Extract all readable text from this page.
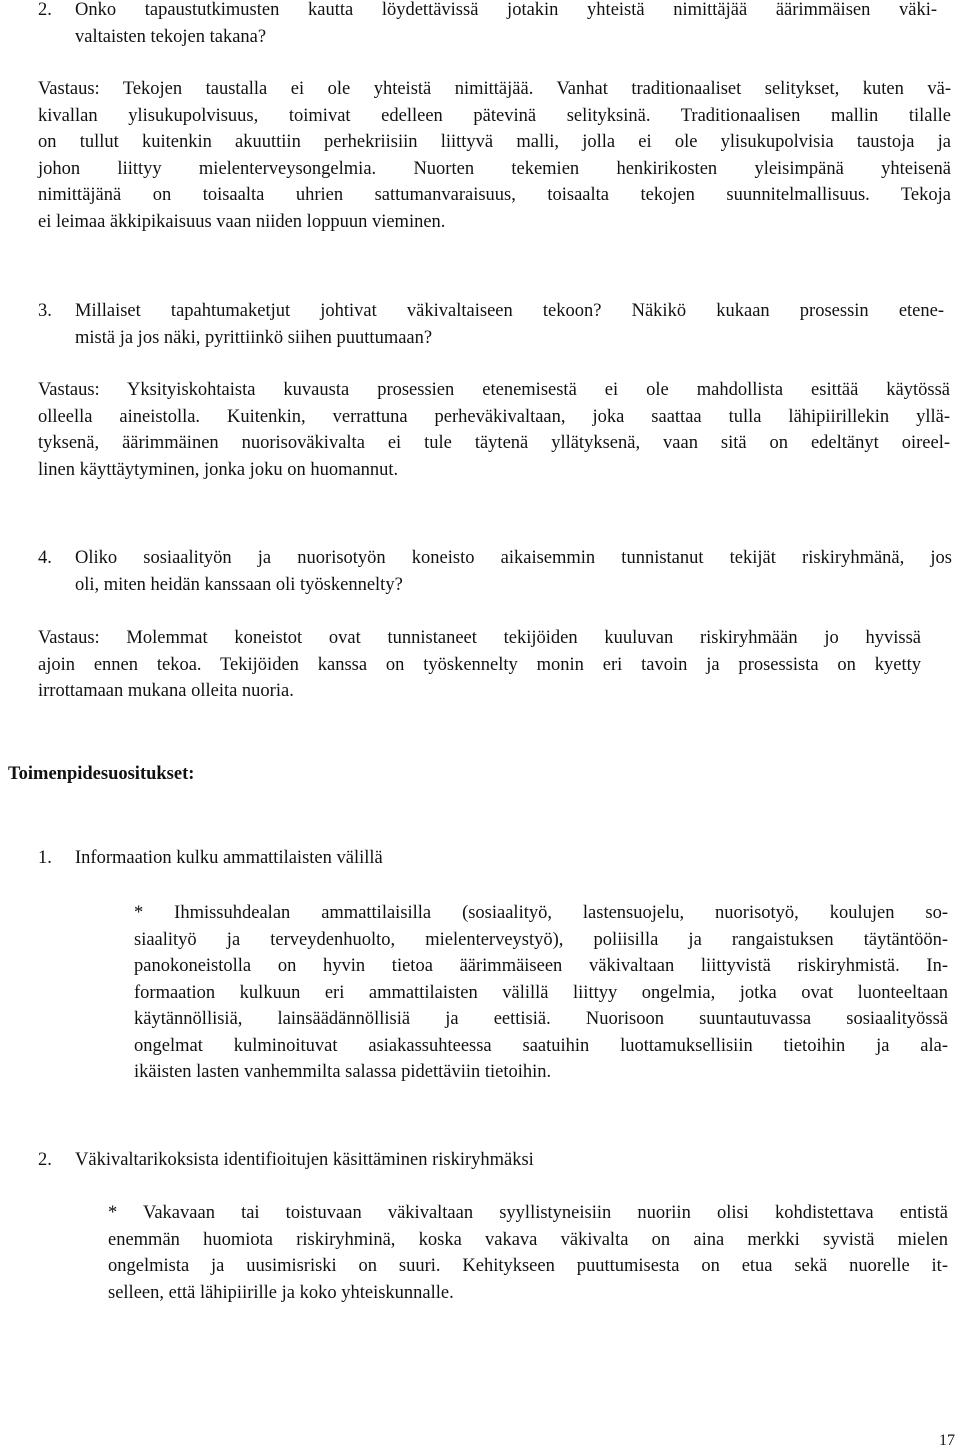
2. Onko tapaustutkimusten kautta löydettävissä jotakin yhteistä nimittäjää äärimmäisen väki-
valtaisten tekojen takana?
Vastaus: Tekojen taustalla ei ole yhteistä nimittäjää. Vanhat traditionaaliset selitykset, kuten vä-
kivallan ylisukupolvisuus, toimivat edelleen pätevinä selityksinä. Traditionaalisen mallin tilalle
on tullut kuitenkin akuuttiin perhekriisiin liittyvä malli, jolla ei ole ylisukupolvisia taustoja ja
johon liittyy mielenterveysongelmia. Nuorten tekemien henkirikosten yleisimpänä yhteisenä
nimittäjänä on toisaalta uhrien sattumanvaraisuus, toisaalta tekojen suunnitelmallisuus. Tekoja
ei leimaa äkkipikaisuus vaan niiden loppuun vieminen.
3. Millaiset tapahtumaketjut johtivat väkivaltaiseen tekoon? Näkikö kukaan prosessin etene-
mistä ja jos näki, pyrittiinkö siihen puuttumaan?
Vastaus: Yksityiskohtaista kuvausta prosessien etenemisestä ei ole mahdollista esittää käytössä
olleella aineistolla. Kuitenkin, verrattuna perheväkivaltaan, joka saattaa tulla lähipiirillekin yllä-
tyksenä, äärimmäinen nuorisoväkivalta ei tule täytenä yllätyksenä, vaan sitä on edeltänyt oireel-
linen käyttäytyminen, jonka joku on huomannut.
4. Oliko sosiaalityön ja nuorisotyön koneisto aikaisemmin tunnistanut tekijät riskiryhmänä, jos
oli, miten heidän kanssaan oli työskennelty?
Vastaus: Molemmat koneistot ovat tunnistaneet tekijöiden kuuluvan riskiryhmään jo hyvissä
ajoin ennen tekoa. Tekijöiden kanssa on työskennelty monin eri tavoin ja prosessista on kyetty
irrottamaan mukana olleita nuoria.
Toimenpidesuositukset:
1. Informaation kulku ammattilaisten välillä
* Ihmissuhdealan ammattilaisilla (sosiaalityö, lastensuojelu, nuorisotyö, koulujen so-
siaalityö ja terveydenhuolto, mielenterveystyö), poliisilla ja rangaistuksen täytäntöön-
panokoneistolla on hyvin tietoa äärimmäiseen väkivaltaan liittyvistä riskiryhmistä. In-
formaation kulkuun eri ammattilaisten välillä liittyy ongelmia, jotka ovat luonteeltaan
käytännöllisiä, lainsäädännöllisiä ja eettisiä. Nuorisoon suuntautuvassa sosiaalityössä
ongelmat kulminoituvat asiakassuhteessa saatuihin luottamuksellisiin tietoihin ja ala-
ikäisten lasten vanhemmilta salassa pidettäviin tietoihin.
2. Väkivaltarikoksista identifioitujen käsittäminen riskiryhmäksi
* Vakavaan tai toistuvaan väkivaltaan syyllistyneisiin nuoriin olisi kohdistettava entistä
enemmän huomiota riskiryhminä, koska vakava väkivalta on aina merkki syvistä mielen
ongelmista ja uusimisriski on suuri. Kehitykseen puuttumisesta on etua sekä nuorelle it-
selleen, että lähipiirille ja koko yhteiskunnalle.
17
